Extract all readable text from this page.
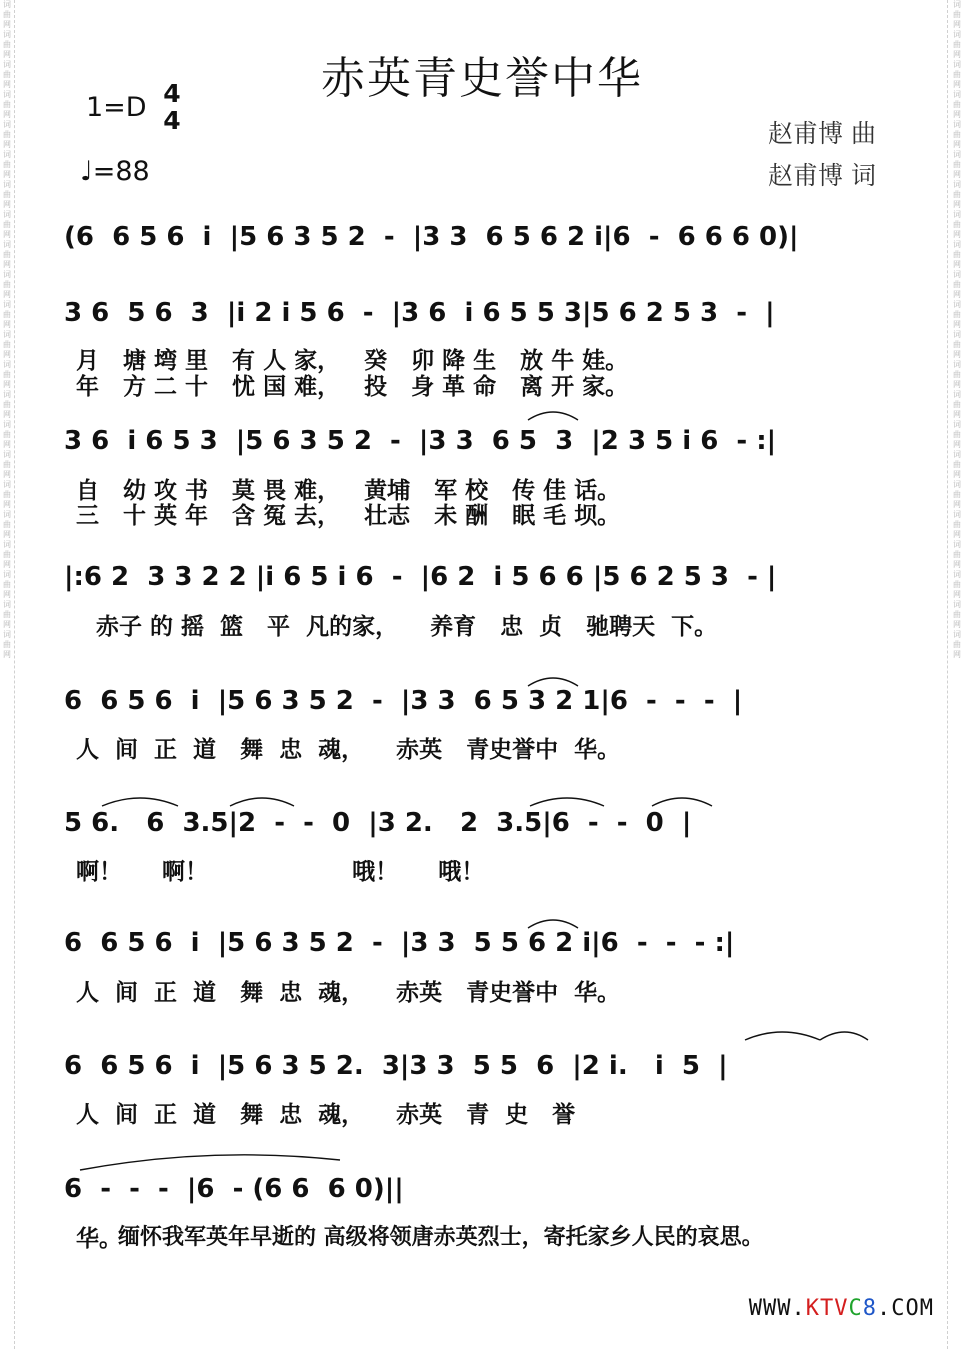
词曲网 词曲网 词曲网 词曲网 词曲网 词曲网 词曲网 词曲网 词曲网 词曲网 词曲网 词曲网 词曲网 词曲网 词曲网 词曲网 词曲网 词曲网 词曲网 词曲网 词曲网 词曲网
词曲网 词曲网 词曲网 词曲网 词曲网 词曲网 词曲网 词曲网 词曲网 词曲网 词曲网 词曲网 词曲网 词曲网 词曲网 词曲网 词曲网 词曲网 词曲网 词曲网 词曲网 词曲网
赤英青史誉中华
1=D 4
4
♩=88
赵甫博 曲
赵甫博 词
(6  6 5 6  i  |5 6 3 5 2  -  |3 3  6 5 6 2 i|6  -  6 6 6 0)|
3 6  5 6  3  |i 2 i 5 6  -  |3 6  i 6 5 5 3|5 6 2 5 3  -  |
月   塘 塆 里   有 人 家，   癸   卯 降 生   放 牛 娃。
年   方 二 十   忧 国 难，   投   身 革 命   离 开 家。
3 6  i 6 5 3  |5 6 3 5 2  -  |3 3  6 5  3  |2 3 5 i 6  - :|
自   幼 攻 书   莫 畏 难，   黄埔   军 校   传 佳 话。
三   十 英 年   含 冤 去，   壮志   未 酬   眠 毛 坝。
|:6 2  3 3 2 2 |i 6 5 i 6  -  |6 2  i 5 6 6 |5 6 2 5 3  - |
赤子 的 摇  篮   平  凡的家，    养育   忠  贞   驰聘天  下。
6  6 5 6  i  |5 6 3 5 2  -  |3 3  6 5 3 2 1|6  -  -  -  |
人  间  正  道   舞  忠  魂，    赤英   青史誉中  华。
5 6.   6  3.5|2  -  -  0  |3 2.   2  3.5|6  -  -  0  |
啊！     啊！                  哦！     哦！
6  6 5 6  i  |5 6 3 5 2  -  |3 3  5 5 6 2 i|6  -  -  - :|
人  间  正  道   舞  忠  魂，    赤英   青史誉中  华。
6  6 5 6  i  |5 6 3 5 2.  3|3 3  5 5  6  |2 i.   i  5  |
人  间  正  道   舞  忠  魂，    赤英   青  史   誉
6  -  -  -  |6  - (6 6  6 0)||
华。
缅怀我军英年早逝的 高级将领唐赤英烈士，寄托家乡人民的哀思。
WWW.KTVC8.COM
